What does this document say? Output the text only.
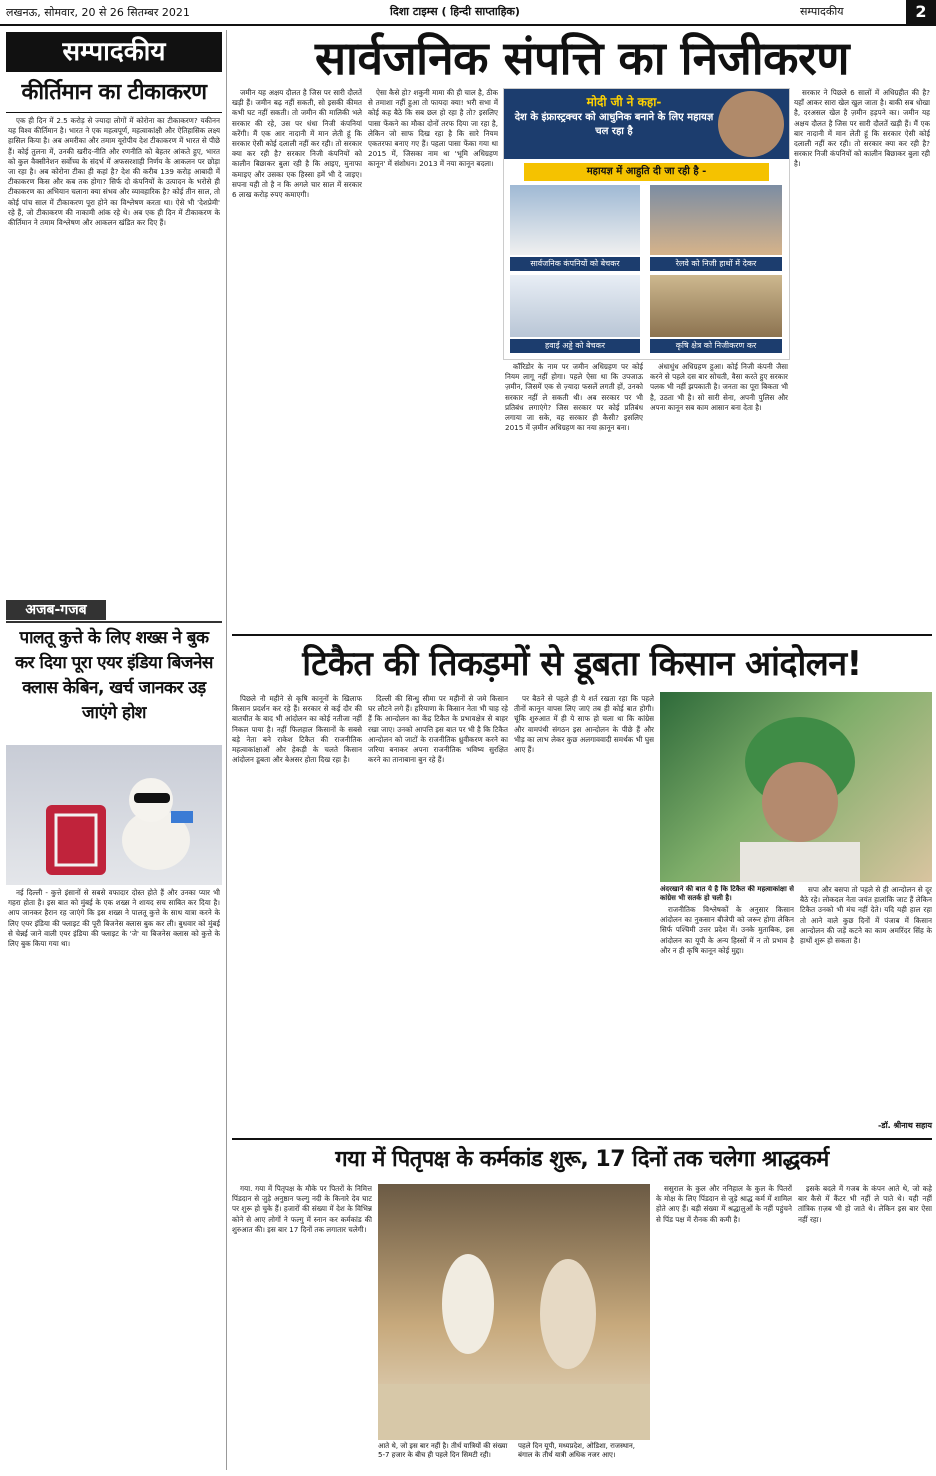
लखनऊ, सोमवार, 20 से 26 सितम्बर 2021	दिशा टाइम्स ( हिन्दी साप्ताहिक)	सम्पादकीय	2
सम्पादकीय
कीर्तिमान का टीकाकरण

एक ही दिन में 2.5 करोड़ से ज्यादा लोगों में कोरोना का टीकाकरण? यकीनन यह विश्व कीर्तिमान है। भारत ने एक महत्वपूर्ण, महत्वाकांक्षी और ऐतिहासिक लक्ष्य हासिल किया है। अब अमरीका और तमाम यूरोपीय देश टीकाकरण में भारत से पीछे हैं। कोई तुलना में, उनकी खरीद-नीति और रणनीति को बेहतर आंकते हुए, भारत को कुल वैक्सीनेशन सर्वोच्च के संदर्भ में अफसरशाही निर्णय के आकलन पर छोड़ा जा रहा है। अब कोरोना टीका ही कहां है? देश की करीब 139 करोड़ आबादी में टीकाकरण किस और कब तक होगा? सिर्फ दो कंपनियों के उत्पादन के भरोसे ही टीकाकरण का अभियान चलाना क्या संभव और व्यावहारिक है? कोई तीन साल, तो कोई पांच साल में टीकाकरण पूरा होने का विश्लेषण करता था। ऐसे भी 'देशप्रेमी' रहे हैं, जो टीकाकरण की नाकामी आंक रहे थे। अब एक ही दिन में टीकाकरण के कीर्तिमान ने तमाम विश्लेषण और आकलन खंडित कर दिए हैं।

अजब-गजब
पालतू कुत्ते के लिए शख्स ने बुक कर दिया पूरा एयर इंडिया बिजनेस क्लास केबिन, खर्च जानकर उड़ जाएंगे होश

नई दिल्ली - कुत्ते इंसानों से सबसे वफादार दोस्त होते हैं और उनका प्यार भी गहरा होता है। इस बात को मुंबई के एक शख्स ने शायद सच साबित कर दिया है। आप जानकर हैरान रह जाएंगे कि इस शख्स ने पालतू कुत्ते के साथ यात्रा करने के लिए एयर इंडिया की फ्लाइट की पूरी बिजनेस क्लास बुक कर ली। बुधवार को मुंबई से चेन्नई जाने वाली एयर इंडिया की फ्लाइट के 'जे' या बिजनेस क्लास को कुत्ते के लिए बुक किया गया था।

सार्वजनिक संपत्ति का निजीकरण

जमीन यह अक्षय दौलत है जिस पर सारी दौलतें खड़ी हैं। जमीन बढ़ नहीं सकती, सो इसकी कीमत कभी घट नहीं सकती। तो जमीन की मालिकी भले सरकार की रहे, उस पर धंधा निजी कंपनियां करेंगी। मैं एक आर नादानी में मान लेती हूं कि सरकार ऐसी कोई दलाली नहीं कर रही। तो सरकार क्या कर रही है? सरकार निजी कंपनियों को कालीन बिछाकर बुला रही है कि आइए, मुनाफा कमाइए और उसका एक हिस्सा हमें भी दे जाइए। सपना यही तो है न कि अगले चार साल में सरकार 6 लाख करोड़ रुपए कमाएगी।

ऐसा कैसे हो? शकुनी मामा की ही चाल है, ठीक से तमाशा नहीं हुआ तो फायदा क्या! भरी सभा में कोई कह बैठे कि सब छल हो रहा है तो? इसलिए पासा फेंकने का मौका दोनों तरफ दिया जा रहा है, लेकिन जो साफ दिख रहा है कि सारे नियम एकतरफा बनाए गए हैं। पहला पासा फेंका गया था 2015 में, जिसका नाम था 'भूमि अधिग्रहण कानून' में संशोधन। 2013 में नया कानून बदला।

मोदी जी ने कहा-
देश के इंफ्रास्ट्रक्चर को आधुनिक बनाने के लिए महायज्ञ चल रहा है
महायज्ञ में आहुति दी जा रही है -
सार्वजनिक कंपनियों को बेचकर	रेलवे को निजी हाथों में देकर
हवाई अड्डे को बेचकर	कृषि क्षेत्र को निजीकरण कर

सरकार ने पिछले 6 सालों में अधिग्रहीत की है? यहाँ आकर सारा खेल खुल जाता है। बाकी सब धोखा है, दरअसल खेल है ज़मीन हड़पने का। जमीन यह अक्षय दौलत है जिस पर सारी दौलतें खड़ी हैं। मैं एक बार नादानी में मान लेती हूं कि सरकार ऐसी कोई दलाली नहीं कर रही। तो सरकार क्या कर रही है? सरकार निजी कंपनियों को कालीन बिछाकर बुला रही है।

कॉरिडोर के नाम पर जमीन अधिग्रहण पर कोई नियम लागू नहीं होगा। पहले ऐसा था कि उपजाऊ ज़मीन, जिसमें एक से ज़्यादा फसलें लगती हों, उनको सरकार नहीं ले सकती थी। अब सरकार पर भी प्रतिबंध लगाएंगे? जिस सरकार पर कोई प्रतिबंध लगाया जा सके, वह सरकार ही कैसी? इसलिए 2015 में ज़मीन अधिग्रहण का नया क़ानून बना।

अंधाधुंध अधिग्रहण हुआ। कोई निजी कंपनी जैसा करने से पहले दस बार सोचती, वैसा करते हुए सरकार पलक भी नहीं झपकाती है। जनता का पूरा बिकता भी है, उठता भी है। सो सारी सेना, अपनी पुलिस और अपना कानून सब काम आसान बना देता है।

टिकैत की तिकड़मों से डूबता किसान आंदोलन!

पिछले नौ महीने से कृषि कानूनों के खिलाफ किसान प्रदर्शन कर रहे हैं। सरकार से कई दौर की बातचीत के बाद भी आंदोलन का कोई नतीजा नहीं निकल पाया है। नहीं फिलहाल किसानों के सबसे बड़े नेता बने राकेश टिकैत की राजनीतिक महत्वाकांक्षाओं और हेकड़ी के चलते किसान आंदोलन डूबता और बेअसर होता दिख रहा है।

दिल्ली की सिन्धु सीमा पर महीनों से जमे किसान घर लौटने लगे हैं। हरियाणा के किसान नेता भी चाह रहे हैं कि आन्दोलन का केंद्र टिकैत के प्रभावक्षेत्र से बाहर रखा जाए। उनको आपत्ति इस बात पर भी है कि टिकैत आन्दोलन को जाटों के राजनीतिक ध्रुवीकरण करने का जरिया बनाकर अपना राजनीतिक भविष्य सुरक्षित करने का तानाबाना बुन रहे हैं।

पर बैठने से पहले ही ये शर्त रखता रहा कि पहले तीनों कानून वापस लिए जाएं तब ही कोई बात होगी। चूंकि शुरुआत में ही ये साफ हो चला था कि कांग्रेस और वामपंथी संगठन इस आन्दोलन के पीछे हैं और भीड़ का लाभ लेकर कुछ अलगाववादी समर्थक भी घुस आए हैं।

अंदरखाने की बात ये है कि टिकैत की महत्वाकांक्षा से कांग्रेस भी सतर्क हो चली है।

राजनीतिक विश्लेषकों के अनुसार किसान आंदोलन का नुकसान बीजेपी को जरूर होगा लेकिन सिर्फ पश्चिमी उत्तर प्रदेश में। उनके मुताबिक, इस आंदोलन का यूपी के अन्य हिस्सों में न तो प्रभाव है और न ही कृषि कानून कोई मुद्दा।

सपा और बसपा तो पहले से ही आन्दोलन से दूर बैठे रहे। लोकदल नेता जयंत हालांकि जाट हैं लेकिन टिकैत उनको भी मंच नहीं देते। यदि यही हाल रहा तो आने वाले कुछ दिनों में पंजाब में किसान आन्दोलन की जड़ें कटने का काम अमरिंदर सिंह के हाथों शुरू हो सकता है।

-डॉ. श्रीनाथ सहाय
गया में पितृपक्ष के कर्मकांड शुरू, 17 दिनों तक चलेगा श्राद्धकर्म

गया. गया में पितृपक्ष के मौके पर पितरों के निमित्त पिंडदान से जुड़े अनुष्ठान फल्गु नदी के किनारे देव घाट पर शुरू हो चुके हैं। हजारों की संख्या में देश के विभिन्न कोने से आए लोगों ने फल्गु में स्नान कर कर्मकांड की शुरुआत की। इस बार 17 दिनों तक लगातार चलेगी।

आते थे, जो इस बार नहीं है। तीर्थ यात्रियों की संख्या 5-7 हजार के बीच ही पहले दिन सिमटी रही।
पहले दिन यूपी, मध्यप्रदेश, ओडिशा, राजस्थान, बंगाल के तीर्थ यात्री अधिक नजर आए।

ससुराल के कुल और ननिहाल के कुल के पितरों के मोक्ष के लिए पिंडदान से जुड़े श्राद्ध कर्म में शामिल होते आए हैं। बड़ी संख्या में श्रद्धालुओं के नहीं पहुंचने से पिंड पक्ष में रौनक की कमी है।

इसके बदले में गजब के कंपन आते थे, जो कहे बार कैसे में कैंटर भी नहीं ले पाते थे। यही नहीं तांत्रिक ग़ज़ब भी हो जाते थे। लेकिन इस बार ऐसा नहीं रहा।
